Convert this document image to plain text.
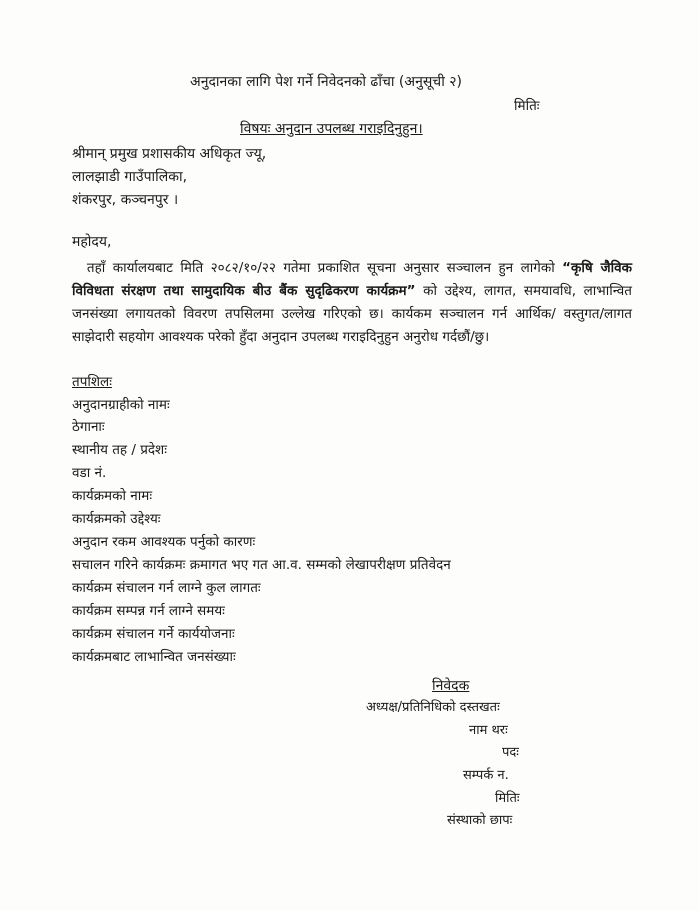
अनुदानका लागि पेश गर्ने निवेदनको ढाँचा (अनुसूची २)
मितिः
विषयः अनुदान उपलब्ध गराइदिनुहुन।
श्रीमान् प्रमुख प्रशासकीय अधिकृत ज्यू,
लालझाडी गाउँपालिका,
शंकरपुर, कञ्चनपुर ।
महोदय,

तहाँ कार्यालयबाट मिति २०८२/१०/२२ गतेमा प्रकाशित सूचना अनुसार सञ्चालन हुन लागेको “कृषि जैविक विविधता संरक्षण तथा सामुदायिक बीउ बैंक सुदृढिकरण कार्यक्रम” को उद्देश्य, लागत, समयावधि, लाभान्वित जनसंख्या लगायतको विवरण तपसिलमा उल्लेख गरिएको छ। कार्यकम सञ्चालन गर्न आर्थिक/ वस्तुगत/लागत साझेदारी सहयोग आवश्यक परेको हुँदा अनुदान उपलब्ध गराइदिनुहुन अनुरोध गर्दछौं/छु।

तपशिलः
अनुदानग्राहीको नामः
ठेगानाः
स्थानीय तह / प्रदेशः
वडा नं.
कार्यक्रमको नामः
कार्यक्रमको उद्देश्यः
अनुदान रकम आवश्यक पर्नुको कारणः
सचालन गरिने कार्यक्रमः क्रमागत भए गत आ.व. सम्मको लेखापरीक्षण प्रतिवेदन
कार्यक्रम संचालन गर्न लाग्ने कुल लागतः
कार्यक्रम सम्पन्न गर्न लाग्ने समयः
कार्यक्रम संचालन गर्ने कार्ययोजनाः
कार्यक्रमबाट लाभान्वित जनसंख्याः
निवेदक
अध्यक्ष/प्रतिनिधिको दस्तखतः
नाम थरः
पदः
सम्पर्क न.
मितिः
संस्थाको छापः
